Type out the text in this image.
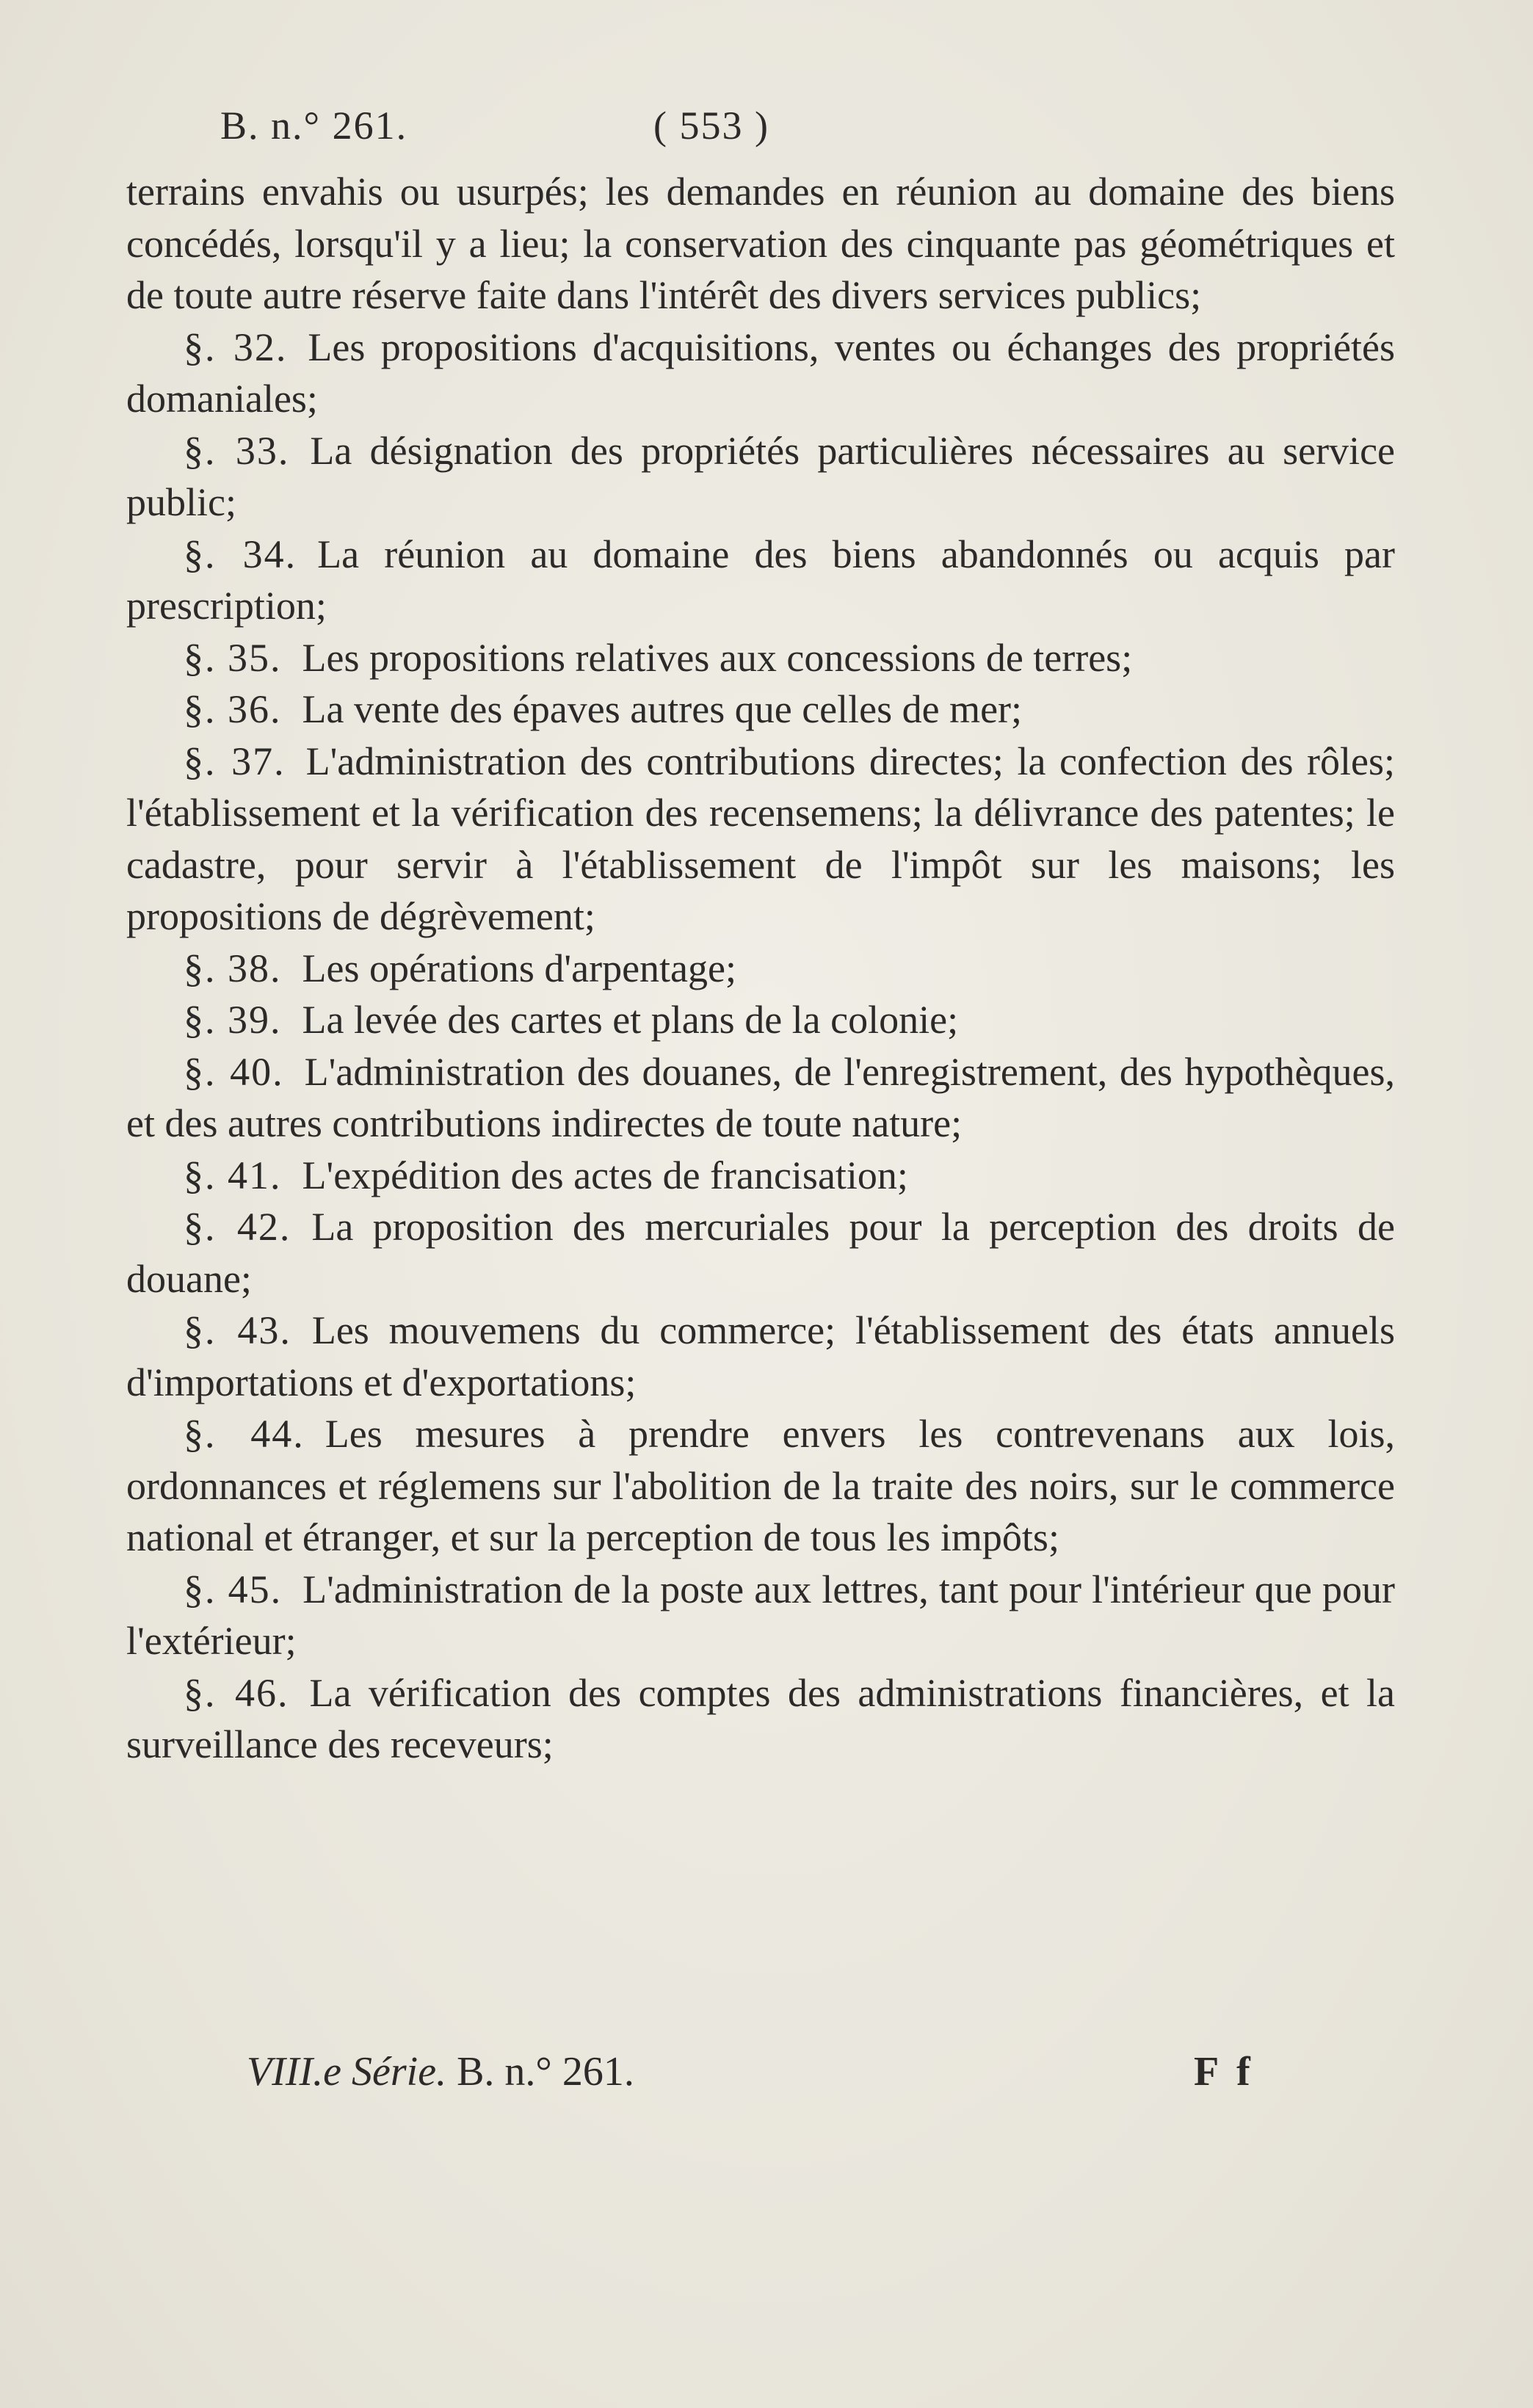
B. n.° 261.	( 553 )

terrains envahis ou usurpés; les demandes en réunion au domaine des biens concédés, lorsqu'il y a lieu; la conservation des cinquante pas géométriques et de toute autre réserve faite dans l'intérêt des divers services publics;

§. 32. Les propositions d'acquisitions, ventes ou échanges des propriétés domaniales;

§. 33. La désignation des propriétés particulières nécessaires au service public;

§. 34. La réunion au domaine des biens abandonnés ou acquis par prescription;

§. 35. Les propositions relatives aux concessions de terres;

§. 36. La vente des épaves autres que celles de mer;

§. 37. L'administration des contributions directes; la confection des rôles; l'établissement et la vérification des recensemens; la délivrance des patentes; le cadastre, pour servir à l'établissement de l'impôt sur les maisons; les propositions de dégrèvement;

§. 38. Les opérations d'arpentage;

§. 39. La levée des cartes et plans de la colonie;

§. 40. L'administration des douanes, de l'enregistrement, des hypothèques, et des autres contributions indirectes de toute nature;

§. 41. L'expédition des actes de francisation;

§. 42. La proposition des mercuriales pour la perception des droits de douane;

§. 43. Les mouvemens du commerce; l'établissement des états annuels d'importations et d'exportations;

§. 44. Les mesures à prendre envers les contrevenans aux lois, ordonnances et réglemens sur l'abolition de la traite des noirs, sur le commerce national et étranger, et sur la perception de tous les impôts;

§. 45. L'administration de la poste aux lettres, tant pour l'intérieur que pour l'extérieur;

§. 46. La vérification des comptes des administrations financières, et la surveillance des receveurs;

VIII.e Série. B. n.° 261.	F f
